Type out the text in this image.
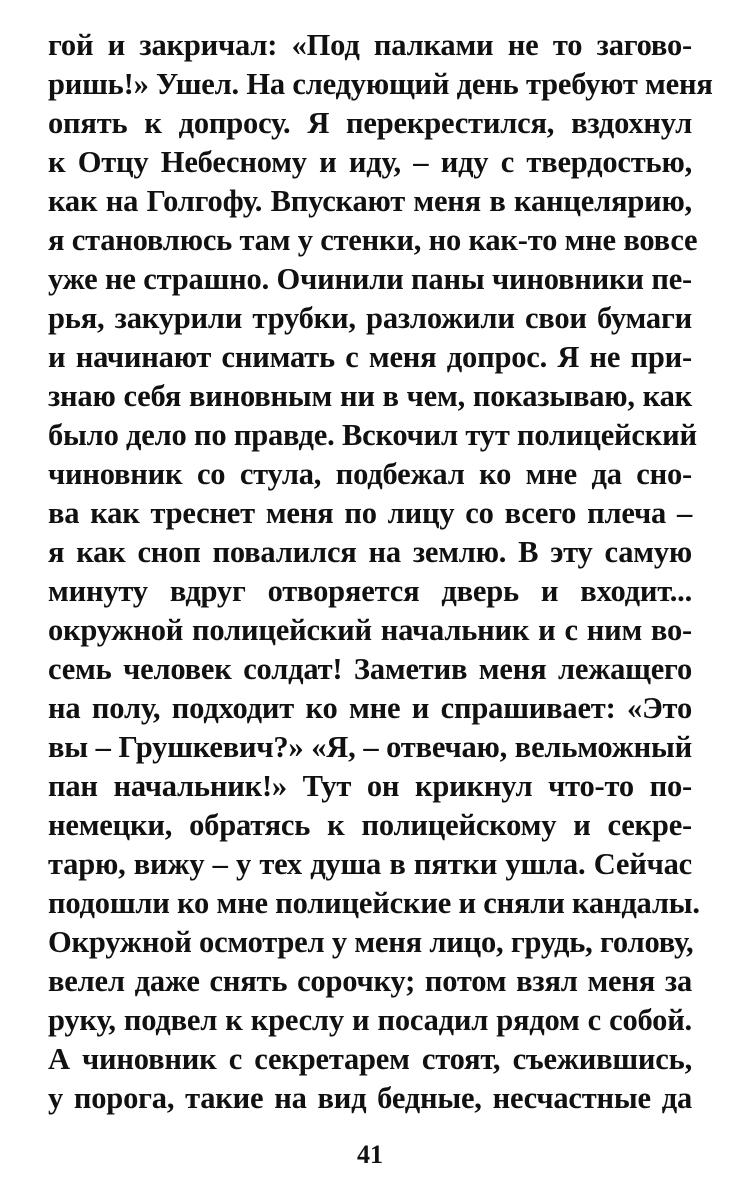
гой и закричал: «Под палками не то загово-
ришь!» Ушел. На следующий день требуют меня
опять к допросу. Я перекрестился, вздохнул
к Отцу Небесному и иду, – иду с твердостью,
как на Голгофу. Впускают меня в канцелярию,
я становлюсь там у стенки, но как-то мне вовсе
уже не страшно. Очинили паны чиновники пе-
рья, закурили трубки, разложили свои бумаги
и начинают снимать с меня допрос. Я не при-
знаю себя виновным ни в чем, показываю, как
было дело по правде. Вскочил тут полицейский
чиновник со стула, подбежал ко мне да сно-
ва как треснет меня по лицу со всего плеча –
я как сноп повалился на землю. В эту самую
минуту вдруг отворяется дверь и входит...
окружной полицейский начальник и с ним во-
семь человек солдат! Заметив меня лежащего
на полу, подходит ко мне и спрашивает: «Это
вы – Грушкевич?» «Я, – отвечаю, вельможный
пан начальник!» Тут он крикнул что-то по-
немецки, обратясь к полицейскому и секре-
тарю, вижу – у тех душа в пятки ушла. Сейчас
подошли ко мне полицейские и сняли кандалы.
Окружной осмотрел у меня лицо, грудь, голову,
велел даже снять сорочку; потом взял меня за
руку, подвел к креслу и посадил рядом с собой.
А чиновник с секретарем стоят, съежившись,
у порога, такие на вид бедные, несчастные да
41
